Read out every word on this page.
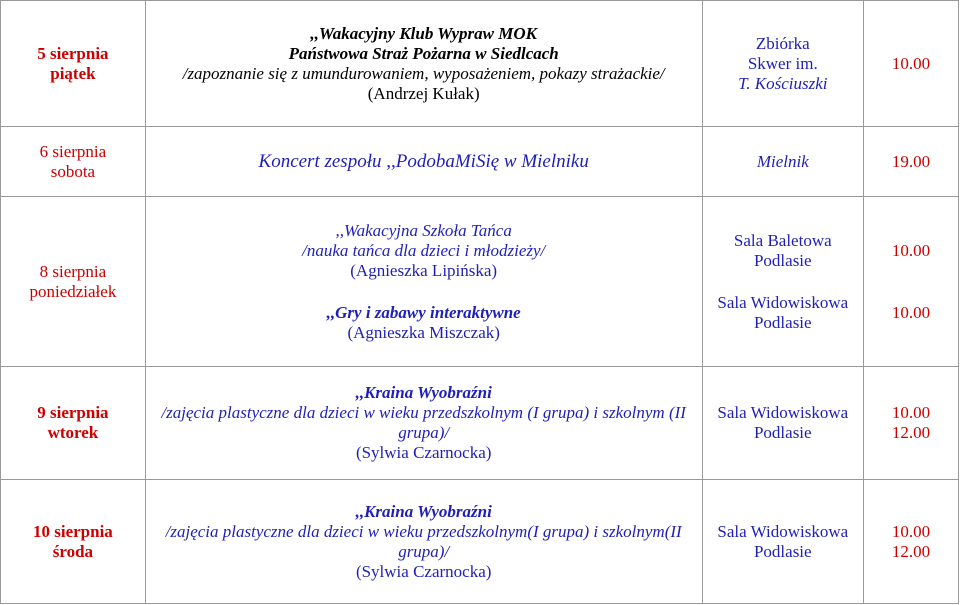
5 sierpnia
piątek	,,Wakacyjny Klub Wypraw MOK
Państwowa Straż Pożarna w Siedlcach
/zapoznanie się z umundurowaniem, wyposażeniem, pokazy strażackie/
(Andrzej Kułak)	Zbiórka
Skwer im.
T. Kościuszki	10.00

6 sierpnia
sobota	Koncert zespołu ,,PodobaMiSię w Mielniku	Mielnik	19.00

8 sierpnia
poniedziałek	,,Wakacyjna Szkoła Tańca
/nauka tańca dla dzieci i młodzieży/
(Agnieszka Lipińska)
,,Gry i zabawy interaktywne
(Agnieszka Miszczak)	Sala Baletowa
Podlasie
Sala Widowiskowa
Podlasie	10.00
10.00

9 sierpnia
wtorek	,,Kraina Wyobraźni
/zajęcia plastyczne dla dzieci w wieku przedszkolnym (I grupa) i szkolnym (II grupa)/
(Sylwia Czarnocka)	Sala Widowiskowa
Podlasie	10.00
12.00

10 sierpnia
środa	,,Kraina Wyobraźni
/zajęcia plastyczne dla dzieci w wieku przedszkolnym(I grupa) i szkolnym(II grupa)/
(Sylwia Czarnocka)	Sala Widowiskowa
Podlasie	10.00
12.00
